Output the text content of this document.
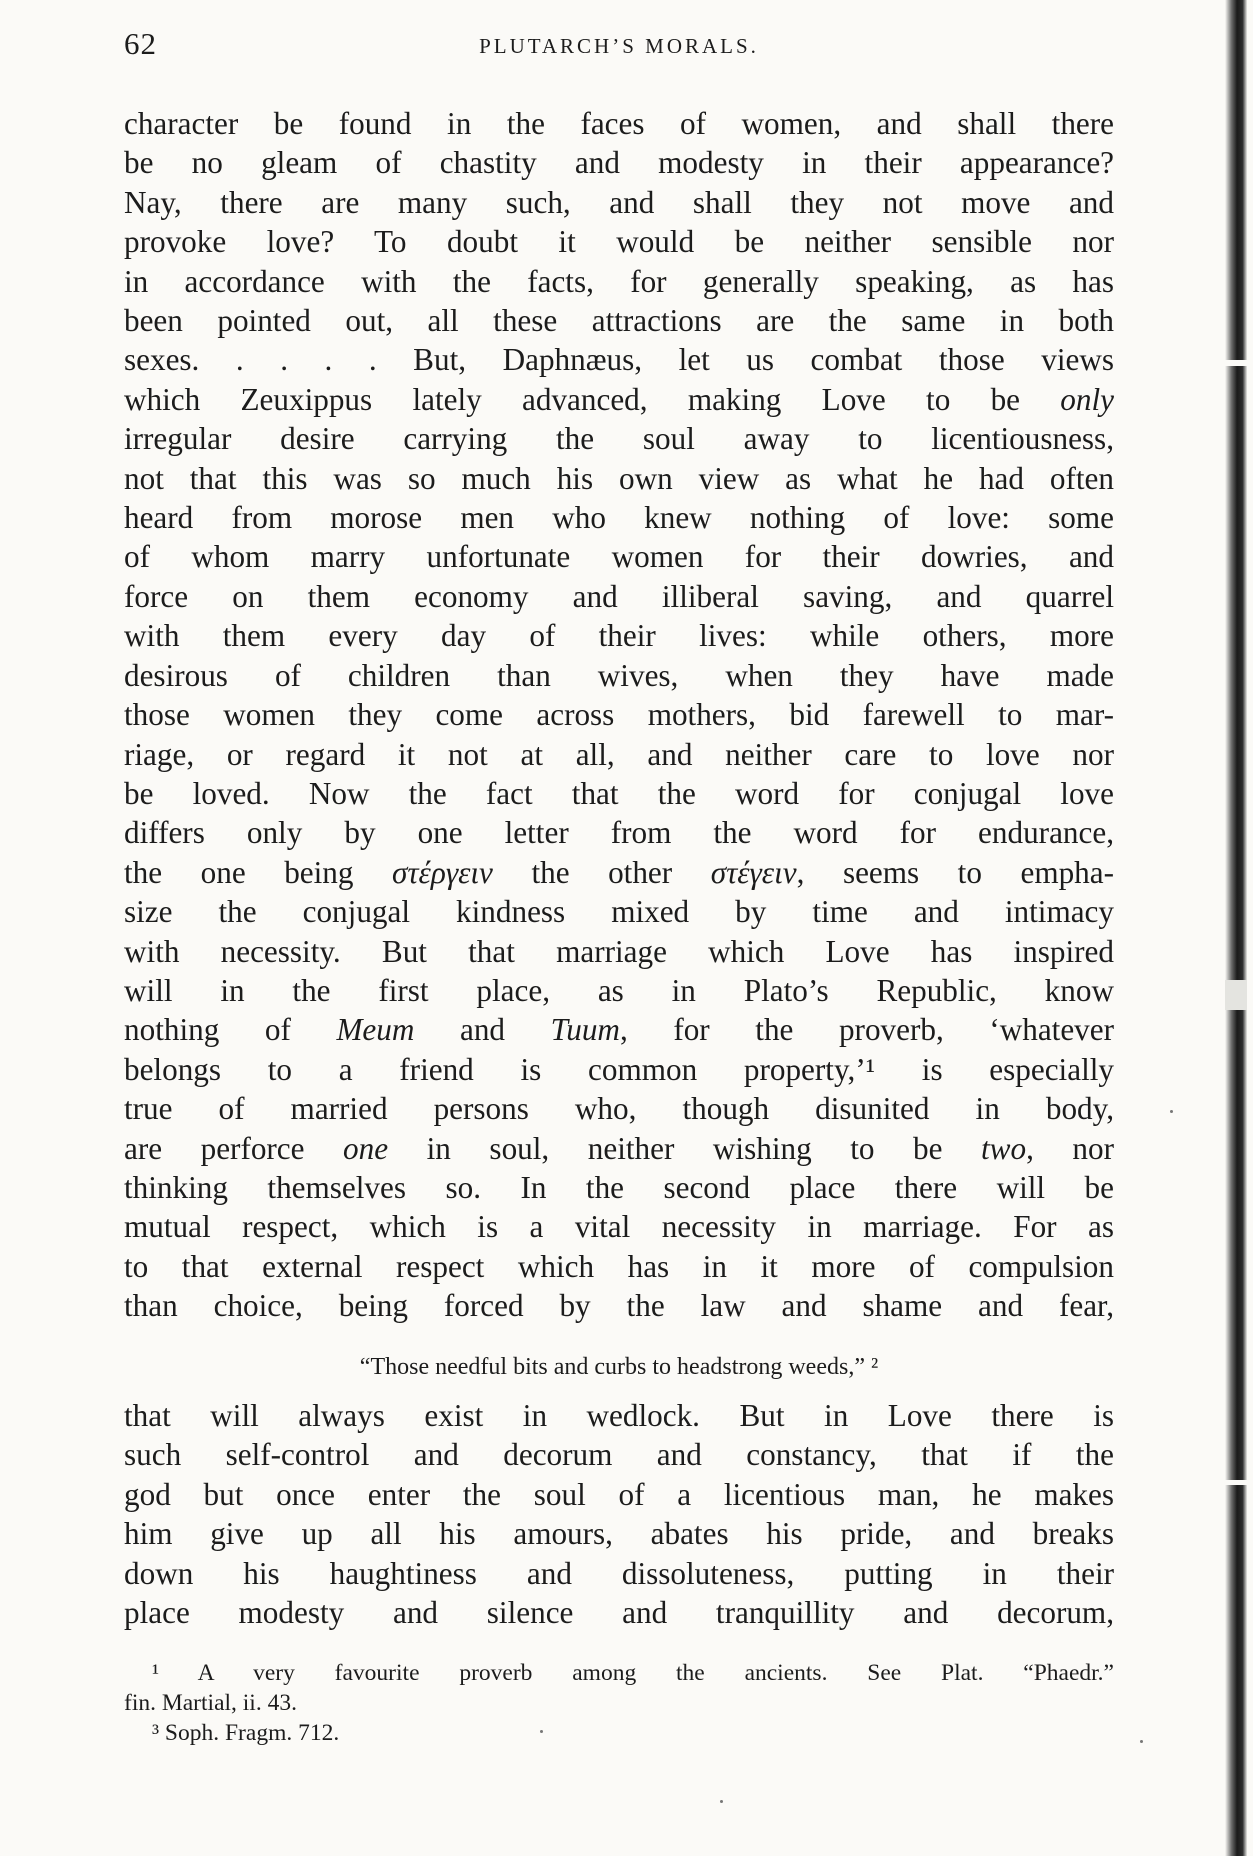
62	PLUTARCH’S MORALS.
character be found in the faces of women, and shall there
be no gleam of chastity and modesty in their appearance?
Nay, there are many such, and shall they not move and
provoke love? To doubt it would be neither sensible nor
in accordance with the facts, for generally speaking, as has
been pointed out, all these attractions are the same in both
sexes. . . . . But, Daphnæus, let us combat those views
which Zeuxippus lately advanced, making Love to be only
irregular desire carrying the soul away to licentiousness,
not that this was so much his own view as what he had often
heard from morose men who knew nothing of love: some
of whom marry unfortunate women for their dowries, and
force on them economy and illiberal saving, and quarrel
with them every day of their lives: while others, more
desirous of children than wives, when they have made
those women they come across mothers, bid farewell to mar-
riage, or regard it not at all, and neither care to love nor
be loved. Now the fact that the word for conjugal love
differs only by one letter from the word for endurance,
the one being στέργειν the other στέγειν, seems to empha-
size the conjugal kindness mixed by time and intimacy
with necessity. But that marriage which Love has inspired
will in the first place, as in Plato’s Republic, know
nothing of Meum and Tuum, for the proverb, ‘whatever
belongs to a friend is common property,’¹ is especially
true of married persons who, though disunited in body,
are perforce one in soul, neither wishing to be two, nor
thinking themselves so. In the second place there will be
mutual respect, which is a vital necessity in marriage. For as
to that external respect which has in it more of compulsion
than choice, being forced by the law and shame and fear,
“Those needful bits and curbs to headstrong weeds,” ²
that will always exist in wedlock. But in Love there is
such self-control and decorum and constancy, that if the
god but once enter the soul of a licentious man, he makes
him give up all his amours, abates his pride, and breaks
down his haughtiness and dissoluteness, putting in their
place modesty and silence and tranquillity and decorum,
¹ A very favourite proverb among the ancients. See Plat. “Phaedr.”
fin. Martial, ii. 43.
³ Soph. Fragm. 712.
